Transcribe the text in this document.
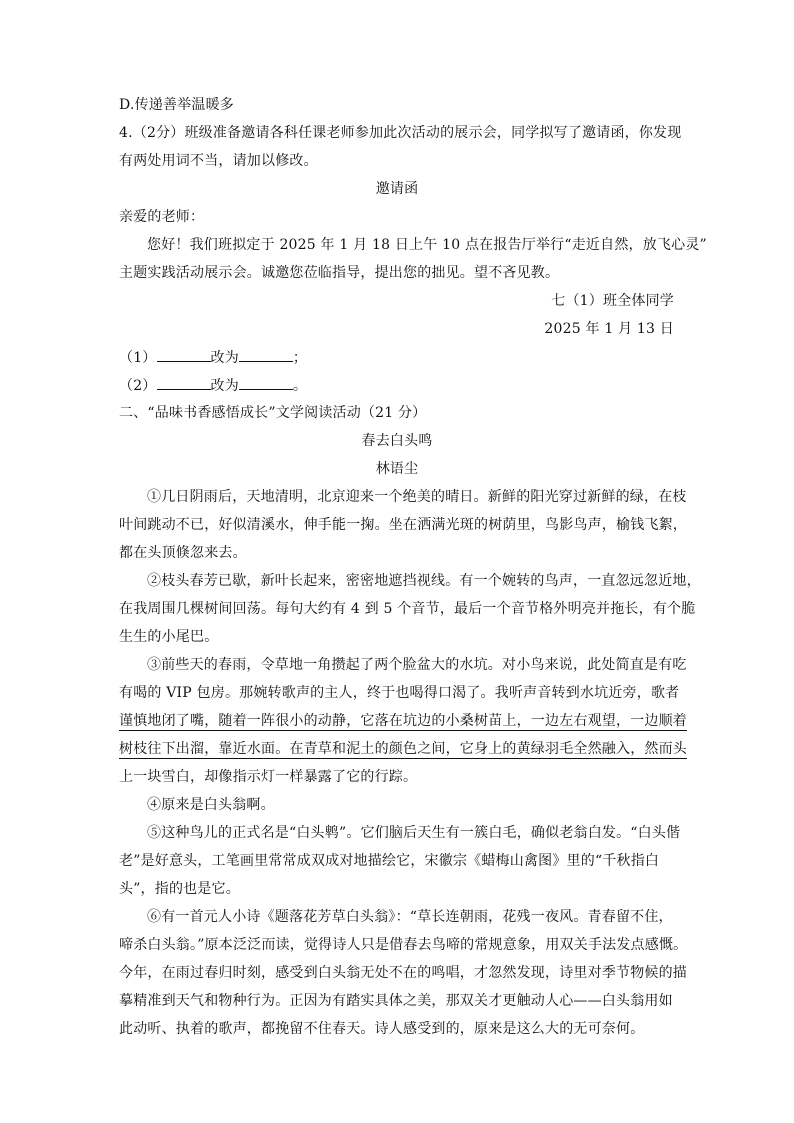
D.传递善举温暖多
4.（2分）班级准备邀请各科任课老师参加此次活动的展示会，同学拟写了邀请函，你发现
有两处用词不当，请加以修改。
邀请函
亲爱的老师：
您好！我们班拟定于 2025 年 1 月 18 日上午 10 点在报告厅举行“走近自然，放飞心灵”
主题实践活动展示会。诚邀您莅临指导，提出您的拙见。望不吝见教。
七（1）班全体同学
2025 年 1 月 13 日
（1）	改为	；
（2）	改为	。
二、“品味书香感悟成长”文学阅读活动（21 分）
春去白头鸣
林语尘
①几日阴雨后，天地清明，北京迎来一个绝美的晴日。新鲜的阳光穿过新鲜的绿，在枝
叶间跳动不已，好似清溪水，伸手能一掬。坐在洒满光斑的树荫里，鸟影鸟声，榆钱飞絮，
都在头顶倏忽来去。
②枝头春芳已歇，新叶长起来，密密地遮挡视线。有一个婉转的鸟声，一直忽远忽近地，
在我周围几棵树间回荡。每句大约有 4 到 5 个音节，最后一个音节格外明亮并拖长，有个脆
生生的小尾巴。
③前些天的春雨，令草地一角攒起了两个脸盆大的水坑。对小鸟来说，此处简直是有吃
有喝的 VIP 包房。那婉转歌声的主人，终于也喝得口渴了。我听声音转到水坑近旁，歌者
谨慎地闭了嘴，随着一阵很小的动静，它落在坑边的小桑树苗上，一边左右观望，一边顺着
树枝往下出溜，靠近水面。在青草和泥土的颜色之间，它身上的黄绿羽毛全然融入，然而头
上一块雪白，却像指示灯一样暴露了它的行踪。
④原来是白头翁啊。
⑤这种鸟儿的正式名是“白头鹎”。它们脑后天生有一簇白毛，确似老翁白发。“白头偕
老”是好意头，工笔画里常常成双成对地描绘它，宋徽宗《蜡梅山禽图》里的“千秋指白
头”，指的也是它。
⑥有一首元人小诗《题落花芳草白头翁》：“草长连朝雨，花残一夜风。青春留不住，
啼杀白头翁。”原本泛泛而读，觉得诗人只是借春去鸟啼的常规意象，用双关手法发点感慨。
今年，在雨过春归时刻，感受到白头翁无处不在的鸣唱，才忽然发现，诗里对季节物候的描
摹精准到天气和物种行为。正因为有踏实具体之美，那双关才更触动人心——白头翁用如
此动听、执着的歌声，都挽留不住春天。诗人感受到的，原来是这么大的无可奈何。
